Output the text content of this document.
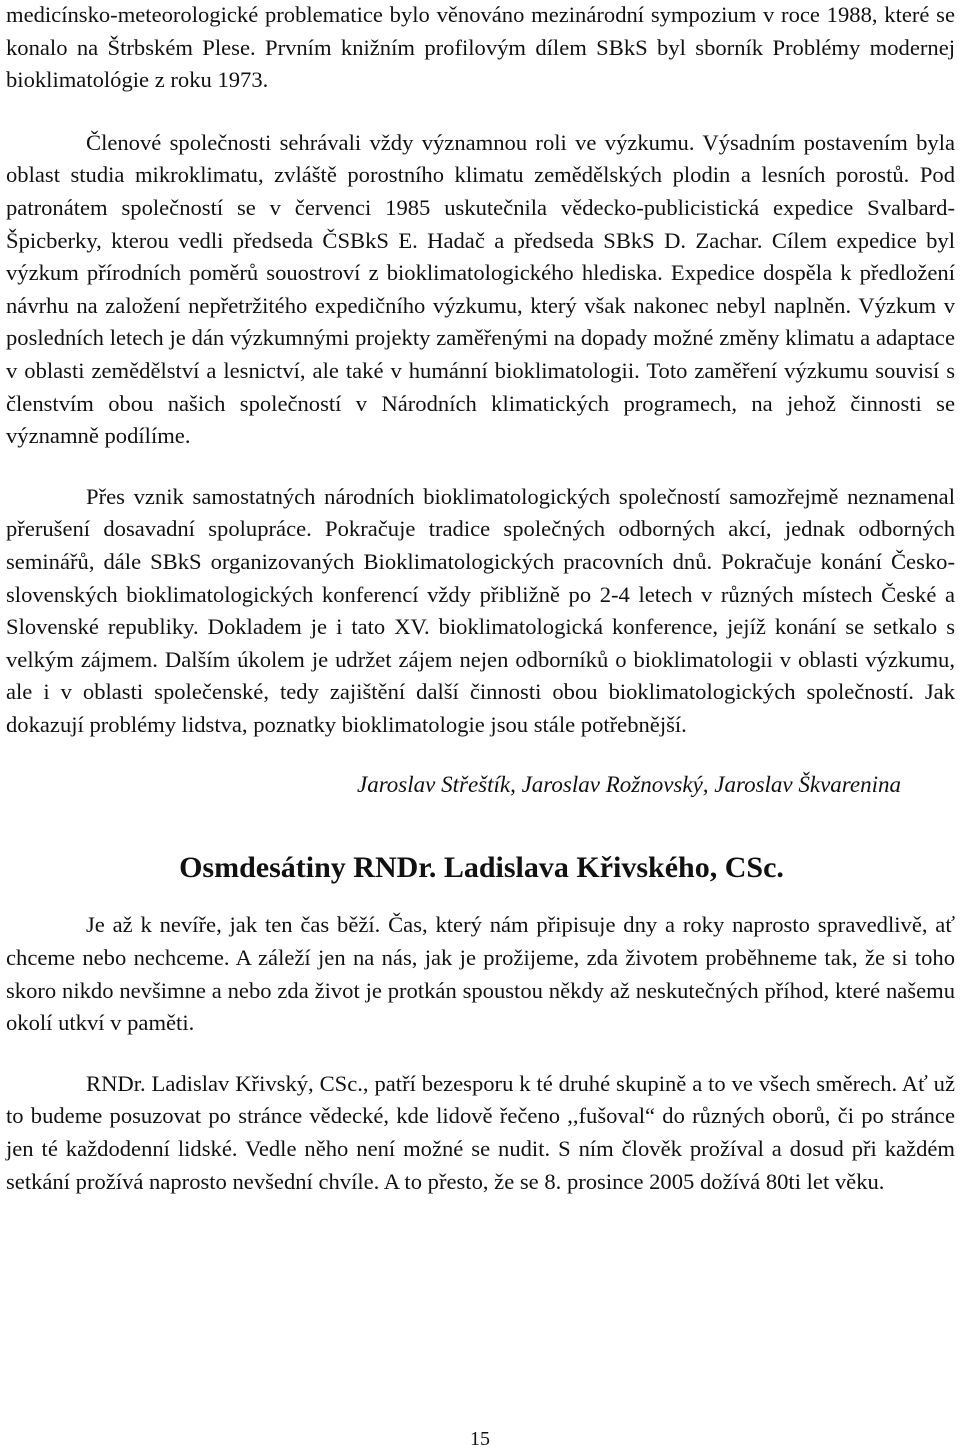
medicínsko-meteorologické problematice bylo věnováno mezinárodní sympozium v roce 1988, které se konalo na Štrbském Plese. Prvním knižním profilovým dílem SBkS byl sborník Problémy modernej bioklimatológie z roku 1973.

Členové společnosti sehrávali vždy významnou roli ve výzkumu. Výsadním postavením byla oblast studia mikroklimatu, zvláště porostního klimatu zemědělských plodin a lesních porostů. Pod patronátem společností se v červenci 1985 uskutečnila vědecko-publicistická expedice Svalbard-Špicberky, kterou vedli předseda ČSBkS E. Hadač a předseda SBkS D. Zachar. Cílem expedice byl výzkum přírodních poměrů souostroví z bioklimatologického hlediska. Expedice dospěla k předložení návrhu na založení nepřetržitého expedičního výzkumu, který však nakonec nebyl naplněn. Výzkum v posledních letech je dán výzkumnými projekty zaměřenými na dopady možné změny klimatu a adaptace v oblasti zemědělství a lesnictví, ale také v humánní bioklimatologii. Toto zaměření výzkumu souvisí s členstvím obou našich společností v Národních klimatických programech, na jehož činnosti se významně podílíme.

Přes vznik samostatných národních bioklimatologických společností samozřejmě neznamenal přerušení dosavadní spolupráce. Pokračuje tradice společných odborných akcí, jednak odborných seminářů, dále SBkS organizovaných Bioklimatologických pracovních dnů. Pokračuje konání Česko-slovenských bioklimatologických konferencí vždy přibližně po 2-4 letech v různých místech České a Slovenské republiky. Dokladem je i tato XV. bioklimatologická konference, jejíž konání se setkalo s velkým zájmem. Dalším úkolem je udržet zájem nejen odborníků o bioklimatologii v oblasti výzkumu, ale i v oblasti společenské, tedy zajištění další činnosti obou bioklimatologických společností. Jak dokazují problémy lidstva, poznatky bioklimatologie jsou stále potřebnější.

Jaroslav Střeštík, Jaroslav Rožnovský, Jaroslav Škvarenina

Osmdesátiny RNDr. Ladislava Křivského, CSc.

Je až k nevíře, jak ten čas běží. Čas, který nám připisuje dny a roky naprosto spravedlivě, ať chceme nebo nechceme. A záleží jen na nás, jak je prožijeme, zda životem proběhneme tak, že si toho skoro nikdo nevšimne a nebo zda život je protkán spoustou někdy až neskutečných příhod, které našemu okolí utkví v paměti.

RNDr. Ladislav Křivský, CSc., patří bezesporu k té druhé skupině a to ve všech směrech. Ať už to budeme posuzovat po stránce vědecké, kde lidově řečeno ,,fušoval“ do různých oborů, či po stránce jen té každodenní lidské. Vedle něho není možné se nudit. S ním člověk prožíval a dosud při každém setkání prožívá naprosto nevšední chvíle. A to přesto, že se 8. prosince 2005 dožívá 80ti let věku.

15
